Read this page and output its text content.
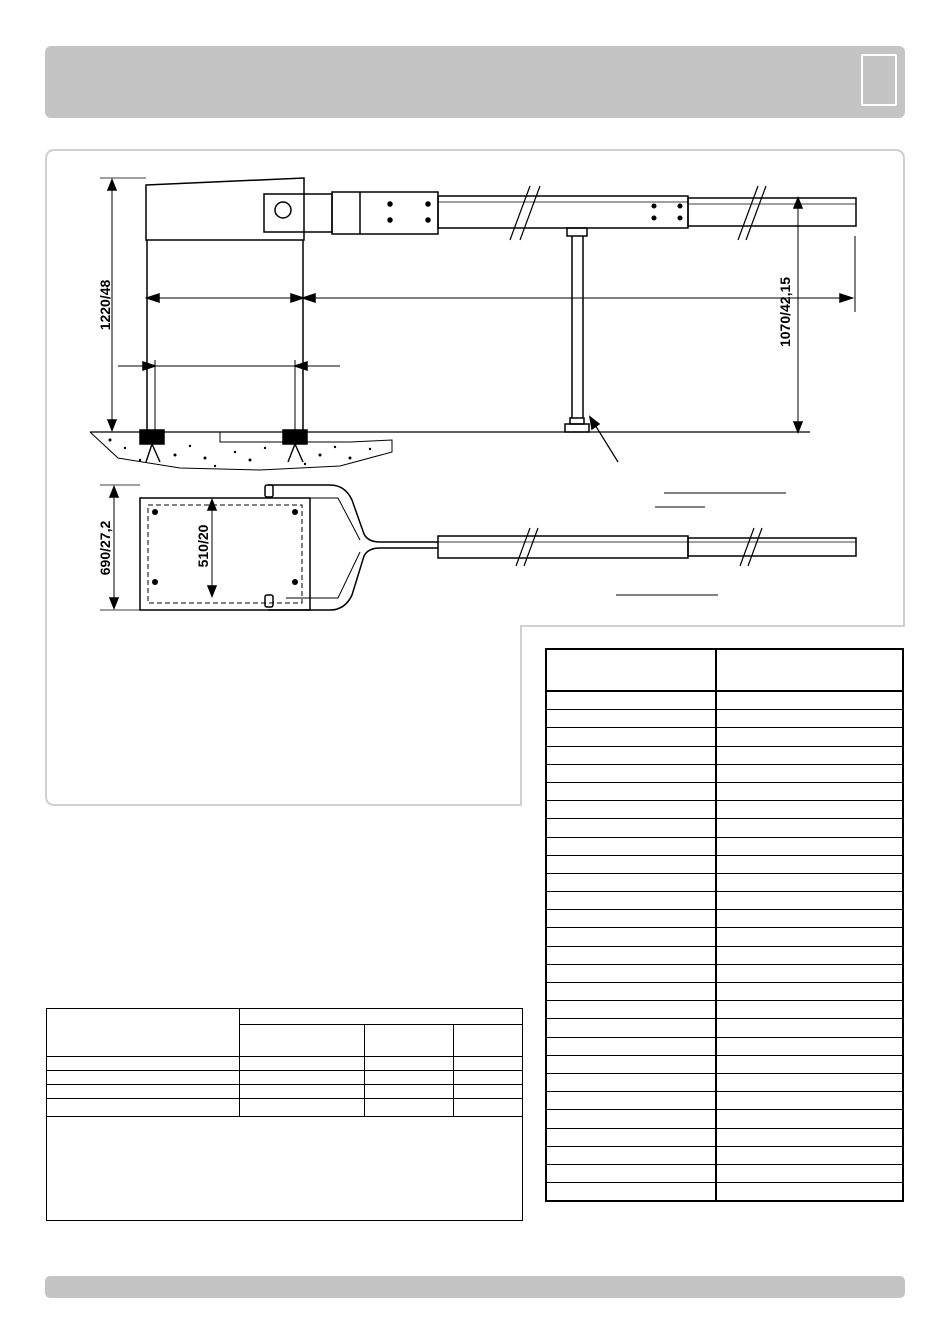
1220/48	1070/42,15
690/27,2	510/20
